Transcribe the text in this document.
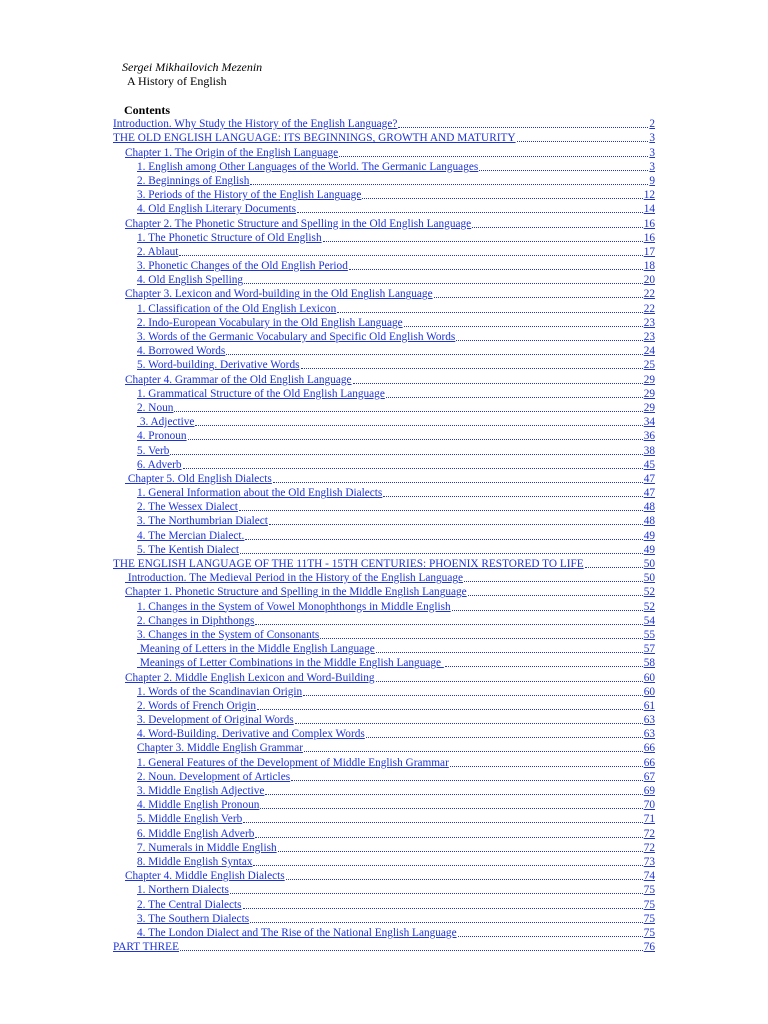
Sergei Mikhailovich Mezenin
A History of English
Contents
Introduction. Why Study the History of the English Language?	2
THE OLD ENGLISH LANGUAGE: ITS BEGINNINGS, GROWTH AND MATURITY	3
Chapter 1. The Origin of the English Language	3
1. English among Other Languages of the World. The Germanic Languages	3
2. Beginnings of English	9
3. Periods of the History of the English Language	12
4. Old English Literary Documents	14
Chapter 2. The Phonetic Structure and Spelling in the Old English Language	16
1. The Phonetic Structure of Old English	16
2. Ablaut	17
3. Phonetic Changes of the Old English Period	18
4. Old English Spelling	20
Chapter 3. Lexicon and Word-building in the Old English Language	22
1. Classification of the Old English Lexicon	22
2. Indo-European Vocabulary in the Old English Language	23
3. Words of the Germanic Vocabulary and Specific Old English Words	23
4. Borrowed Words	24
5. Word-building. Derivative Words	25
Chapter 4. Grammar of the Old English Language	29
1. Grammatical Structure of the Old English Language	29
2. Noun	29
3. Adjective	34
4. Pronoun	36
5. Verb	38
6. Adverb	45
Chapter 5. Old English Dialects	47
1. General Information about the Old English Dialects	47
2. The Wessex Dialect	48
3. The Northumbrian Dialect	48
4. The Mercian Dialect.	49
5. The Kentish Dialect	49
THE ENGLISH LANGUAGE OF THE 11TH - 15TH CENTURIES: PHOENIX RESTORED TO LIFE	50
Introduction. The Medieval Period in the History of the English Language	50
Chapter 1. Phonetic Structure and Spelling in the Middle English Language	52
1. Changes in the System of Vowel Monophthongs in Middle English	52
2. Changes in Diphthongs	54
3. Changes in the System of Consonants	55
Meaning of Letters in the Middle English Language	57
Meanings of Letter Combinations in the Middle English Language	58
Chapter 2. Middle English Lexicon and Word-Building	60
1. Words of the Scandinavian Origin	60
2. Words of French Origin	61
3. Development of Original Words	63
4. Word-Building. Derivative and Complex Words	63
Chapter 3. Middle English Grammar	66
1. General Features of the Development of Middle English Grammar	66
2. Noun. Development of Articles	67
3. Middle English Adjective	69
4. Middle English Pronoun	70
5. Middle English Verb	71
6. Middle English Adverb	72
7. Numerals in Middle English	72
8. Middle English Syntax	73
Chapter 4. Middle English Dialects	74
1. Northern Dialects	75
2. The Central Dialects	75
3. The Southern Dialects	75
4. The London Dialect and The Rise of the National English Language	75
PART THREE	76
